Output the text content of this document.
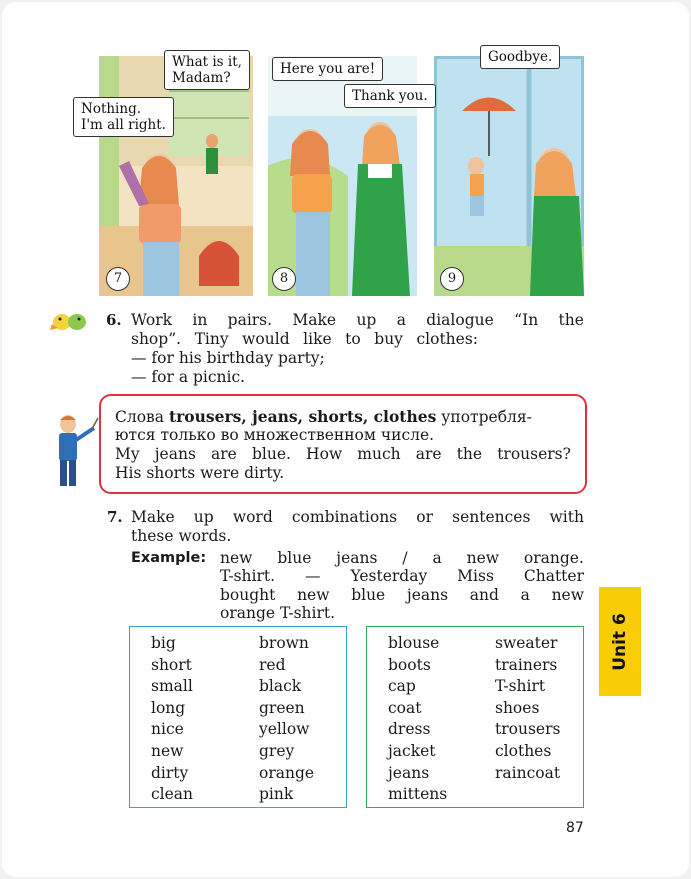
7	8	9
What is it,
Madam?
Nothing.
I'm all right.
Here you are!
Thank you.
Goodbye.
6. Work in pairs. Make up a dialogue “In the
shop”. Tiny would like to buy clothes:
— for his birthday party;
— for a picnic.
Слова trousers, jeans, shorts, clothes употребля-
ются только во множественном числе.
My jeans are blue. How much are the trousers?
His shorts were dirty.
7. Make up word combinations or sentences with
these words.
Example: new blue jeans / a new orange.
T-shirt. — Yesterday Miss Chatter
bought new blue jeans and a new
orange T-shirt.
big
short
small
long
nice
new
dirty
clean
brown
red
black
green
yellow
grey
orange
pink
blouse
boots
cap
coat
dress
jacket
jeans
mittens
sweater
trainers
T-shirt
shoes
trousers
clothes
raincoat
Unit 6
87
